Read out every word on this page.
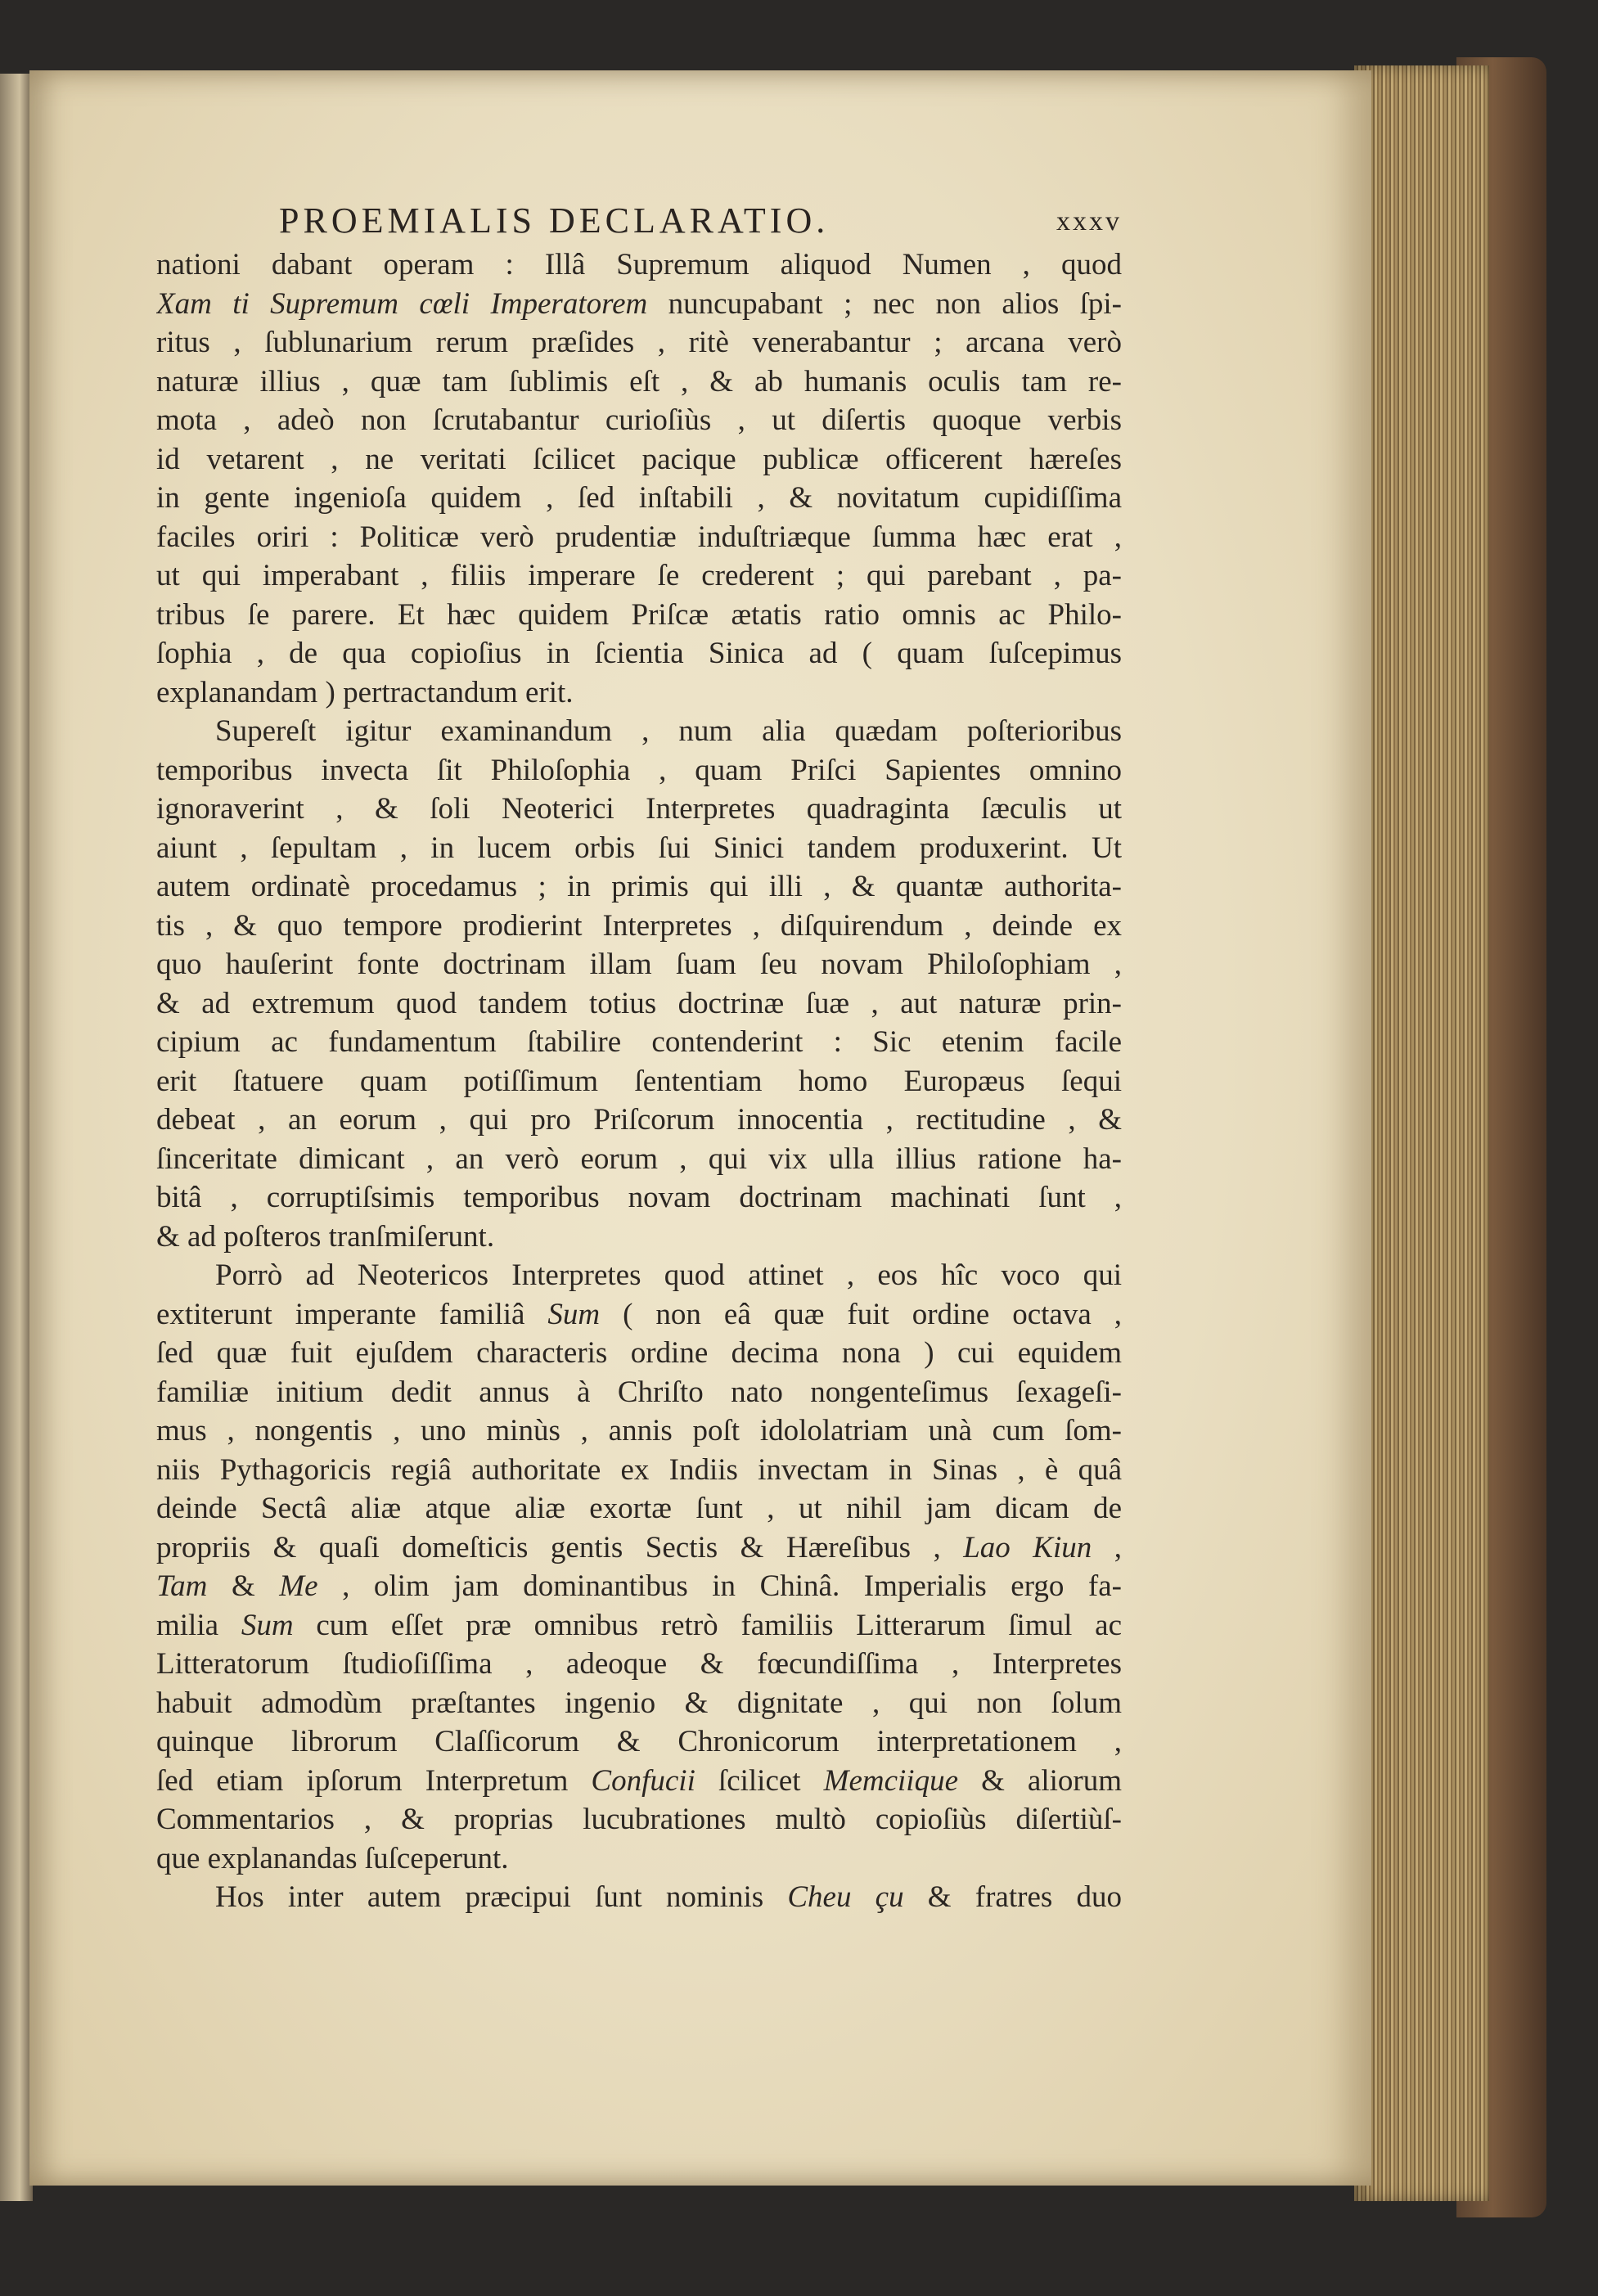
PROEMIALIS DECLARATIO.	xxxv
nationi dabant operam : Illâ Supremum aliquod Numen , quod
Xam ti Supremum cœli Imperatorem nuncupabant ; nec non alios ſpi-
ritus , ſublunarium rerum præſides , ritè venerabantur ; arcana verò
naturæ illius , quæ tam ſublimis eſt , & ab humanis oculis tam re-
mota , adeò non ſcrutabantur curioſiùs , ut diſertis quoque verbis
id vetarent , ne veritati ſcilicet pacique publicæ officerent hæreſes
in gente ingenioſa quidem , ſed inſtabili , & novitatum cupidiſſima
faciles oriri : Politicæ verò prudentiæ induſtriæque ſumma hæc erat ,
ut qui imperabant , filiis imperare ſe crederent ; qui parebant , pa-
tribus ſe parere. Et hæc quidem Priſcæ ætatis ratio omnis ac Philo-
ſophia , de qua copioſius in ſcientia Sinica ad ( quam ſuſcepimus
explanandam ) pertractandum erit.
Supereſt igitur examinandum , num alia quædam poſterioribus
temporibus invecta ſit Philoſophia , quam Priſci Sapientes omnino
ignoraverint , & ſoli Neoterici Interpretes quadraginta ſæculis ut
aiunt , ſepultam , in lucem orbis ſui Sinici tandem produxerint. Ut
autem ordinatè procedamus ; in primis qui illi , & quantæ authorita-
tis , & quo tempore prodierint Interpretes , diſquirendum , deinde ex
quo hauſerint fonte doctrinam illam ſuam ſeu novam Philoſophiam ,
& ad extremum quod tandem totius doctrinæ ſuæ , aut naturæ prin-
cipium ac fundamentum ſtabilire contenderint : Sic etenim facile
erit ſtatuere quam potiſſimum ſententiam homo Europæus ſequi
debeat , an eorum , qui pro Priſcorum innocentia , rectitudine , &
ſinceritate dimicant , an verò eorum , qui vix ulla illius ratione ha-
bitâ , corruptiſsimis temporibus novam doctrinam machinati ſunt ,
& ad poſteros tranſmiſerunt.
Porrò ad Neotericos Interpretes quod attinet , eos hîc voco qui
extiterunt imperante familiâ Sum ( non eâ quæ fuit ordine octava ,
ſed quæ fuit ejuſdem characteris ordine decima nona ) cui equidem
familiæ initium dedit annus à Chriſto nato nongenteſimus ſexageſi-
mus , nongentis , uno minùs , annis poſt idololatriam unà cum ſom-
niis Pythagoricis regiâ authoritate ex Indiis invectam in Sinas , è quâ
deinde Sectâ aliæ atque aliæ exortæ ſunt , ut nihil jam dicam de
propriis & quaſi domeſticis gentis Sectis & Hæreſibus , Lao Kiun ,
Tam & Me , olim jam dominantibus in Chinâ. Imperialis ergo fa-
milia Sum cum eſſet præ omnibus retrò familiis Litterarum ſimul ac
Litteratorum ſtudioſiſſima , adeoque & fœcundiſſima , Interpretes
habuit admodùm præſtantes ingenio & dignitate , qui non ſolum
quinque librorum Claſſicorum & Chronicorum interpretationem ,
ſed etiam ipſorum Interpretum Confucii ſcilicet Memciique & aliorum
Commentarios , & proprias lucubrationes multò copioſiùs diſertiùſ-
que explanandas ſuſceperunt.
Hos inter autem præcipui ſunt nominis Cheu çu & fratres duo
